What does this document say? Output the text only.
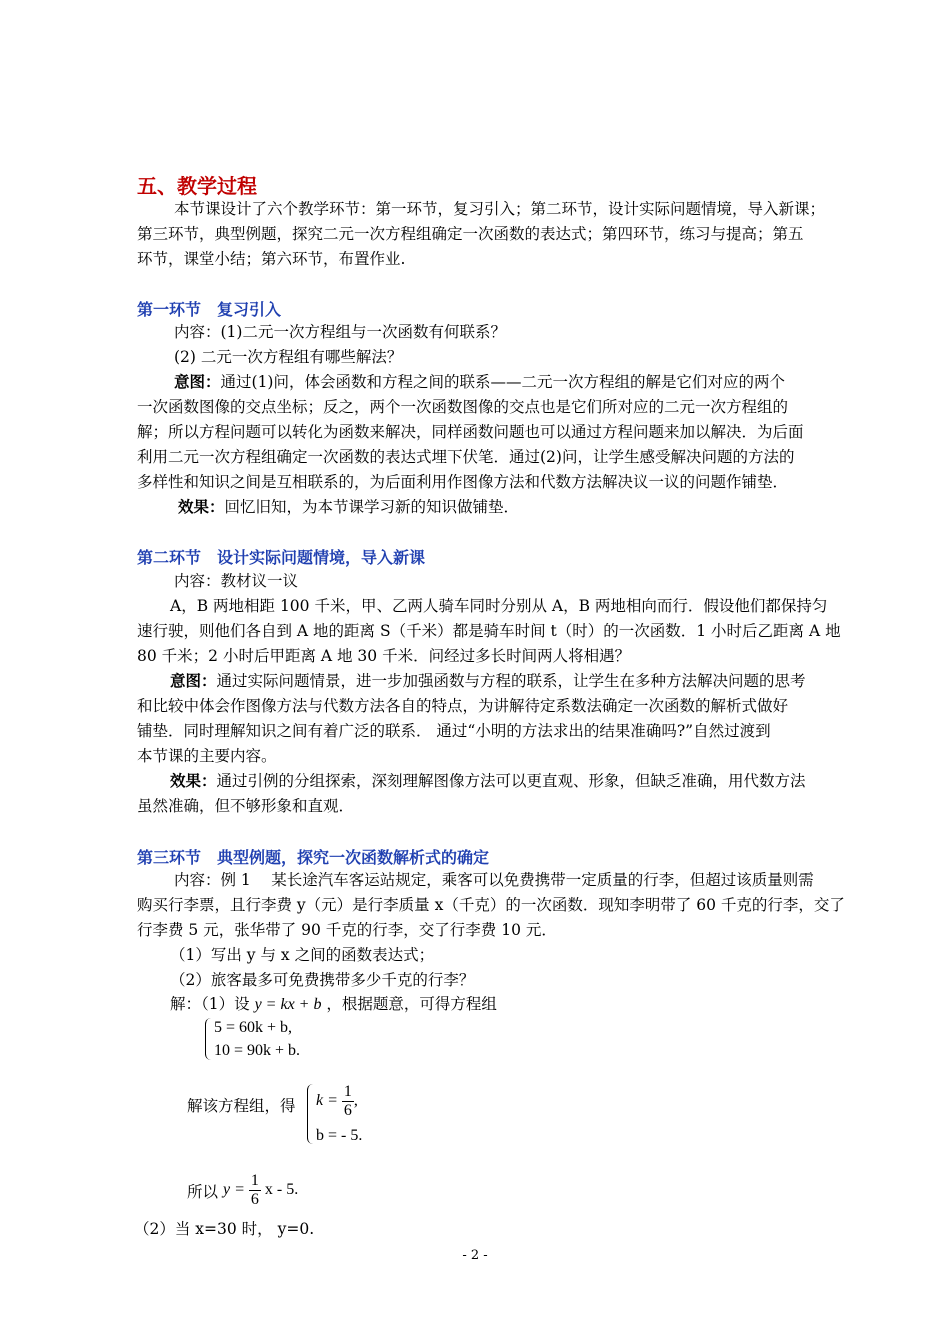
五、教学过程
本节课设计了六个教学环节：第一环节，复习引入；第二环节，设计实际问题情境，导入新课；
第三环节，典型例题，探究二元一次方程组确定一次函数的表达式；第四环节，练习与提高；第五
环节，课堂小结；第六环节，布置作业.
第一环节　复习引入
内容：(1)二元一次方程组与一次函数有何联系？
(2) 二元一次方程组有哪些解法？
意图：通过(1)问，体会函数和方程之间的联系——二元一次方程组的解是它们对应的两个
一次函数图像的交点坐标；反之，两个一次函数图像的交点也是它们所对应的二元一次方程组的
解；所以方程问题可以转化为函数来解决，同样函数问题也可以通过方程问题来加以解决．为后面
利用二元一次方程组确定一次函数的表达式埋下伏笔．通过(2)问，让学生感受解决问题的方法的
多样性和知识之间是互相联系的，为后面利用作图像方法和代数方法解决议一议的问题作铺垫．
效果：回忆旧知，为本节课学习新的知识做铺垫．
第二环节　设计实际问题情境，导入新课
内容：教材议一议
A，B 两地相距 100 千米，甲、乙两人骑车同时分别从 A，B 两地相向而行．假设他们都保持匀
速行驶，则他们各自到 A 地的距离 S（千米）都是骑车时间 t（时）的一次函数．1 小时后乙距离 A 地
80 千米；2 小时后甲距离 A 地 30 千米．问经过多长时间两人将相遇？
意图：通过实际问题情景，进一步加强函数与方程的联系，让学生在多种方法解决问题的思考
和比较中体会作图像方法与代数方法各自的特点，为讲解待定系数法确定一次函数的解析式做好
铺垫．同时理解知识之间有着广泛的联系． 通过“小明的方法求出的结果准确吗?”自然过渡到
本节课的主要内容。
效果：通过引例的分组探索，深刻理解图像方法可以更直观、形象，但缺乏准确，用代数方法
虽然准确，但不够形象和直观．
第三环节　典型例题，探究一次函数解析式的确定
内容：例 1　 某长途汽车客运站规定，乘客可以免费携带一定质量的行李，但超过该质量则需
购买行李票，且行李费 y（元）是行李质量 x（千克）的一次函数．现知李明带了 60 千克的行李，交了
行李费 5 元，张华带了 90 千克的行李，交了行李费 10 元．
（1）写出 y 与 x 之间的函数表达式；
（2）旅客最多可免费携带多少千克的行李？
解：（1）设 y = kx + b ，根据题意，可得方程组
5 = 60k + b,
10 = 90k + b.
解该方程组，得 $k = \frac{1}{6}$ ,
b = - 5.
所以 $y = \frac{1}{6}$ x - 5.
（2）当 x=30 时， y=0.
- 2 -
